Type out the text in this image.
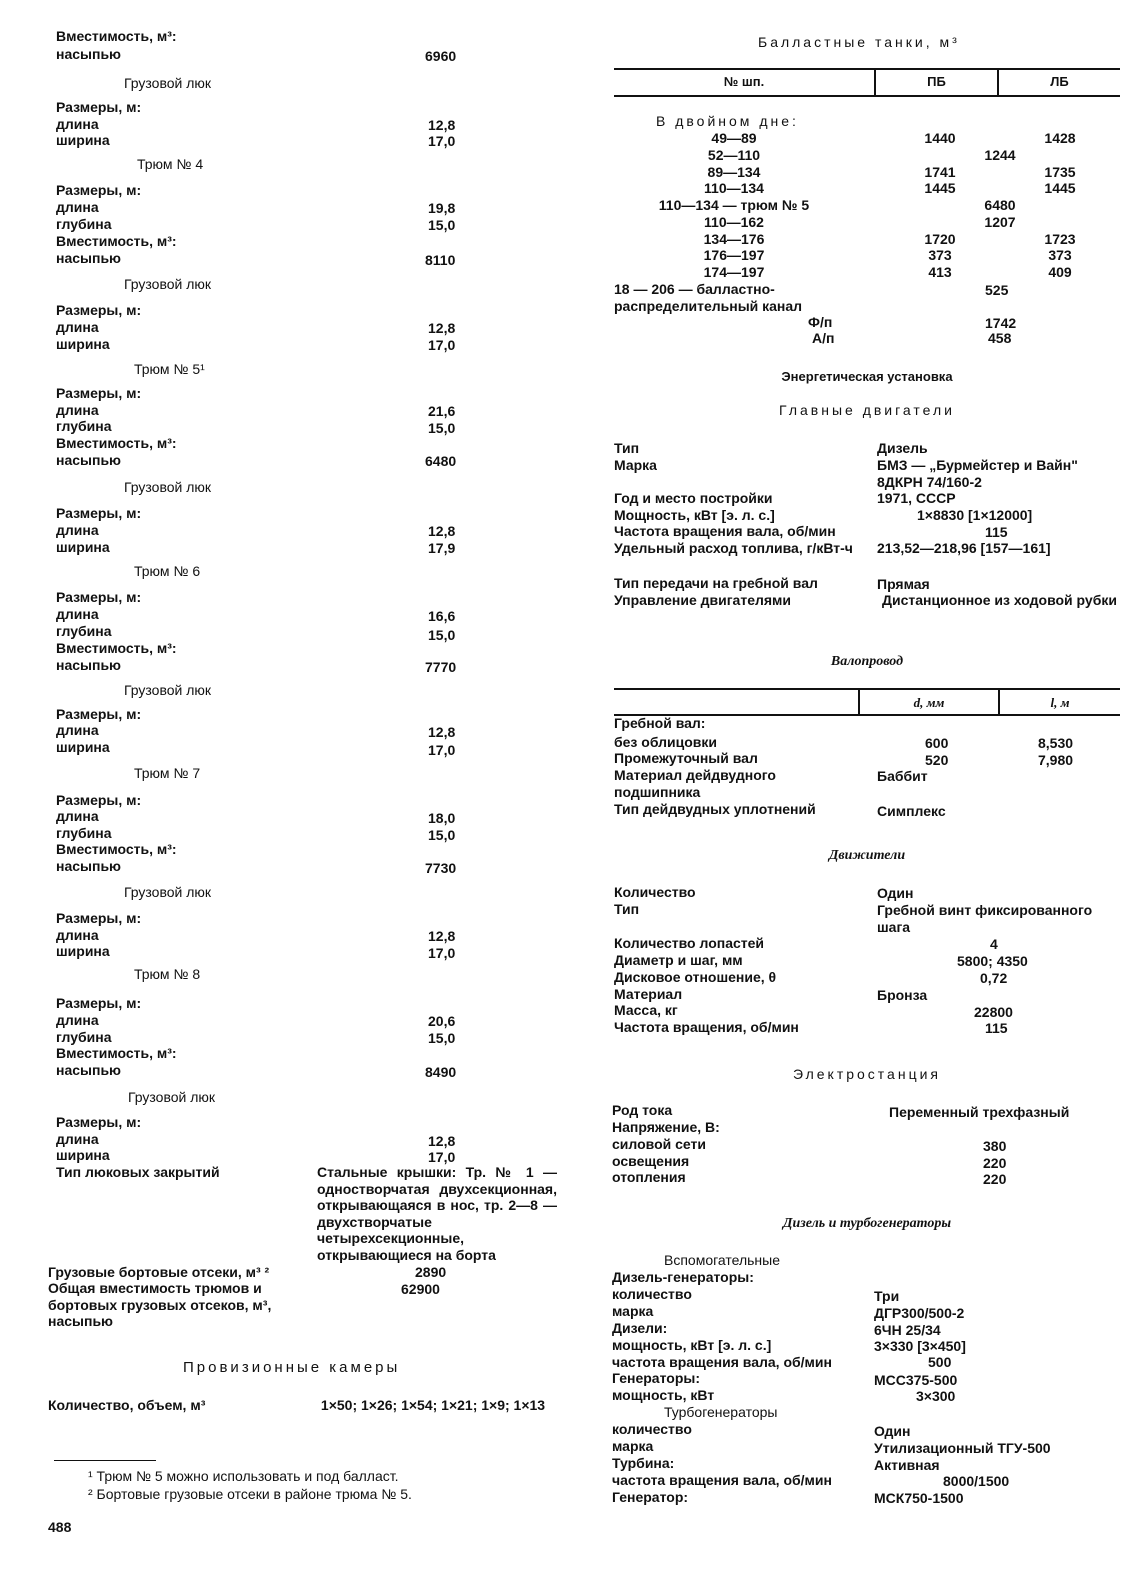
Вместимость, м³:
насыпью	6960
Грузовой люк
Размеры, м:
длина	12,8
ширина	17,0
Трюм № 4
Размеры, м:
длина	19,8
глубина	15,0
Вместимость, м³:
насыпью	8110
Грузовой люк
Размеры, м:
длина	12,8
ширина	17,0
Трюм № 5¹
Размеры, м:
длина	21,6
глубина	15,0
Вместимость, м³:
насыпью	6480
Грузовой люк
Размеры, м:
длина	12,8
ширина	17,9
Трюм № 6
Размеры, м:
длина	16,6
глубина	15,0
Вместимость, м³:
насыпью	7770
Грузовой люк
Размеры, м:
длина	12,8
ширина	17,0
Трюм № 7
Размеры, м:
длина	18,0
глубина	15,0
Вместимость, м³:
насыпью	7730
Грузовой люк
Размеры, м:
длина	12,8
ширина	17,0
Трюм № 8
Размеры, м:
длина	20,6
глубина	15,0
Вместимость, м³:
насыпью	8490
Грузовой люк
Размеры, м:
длина	12,8
ширина	17,0
Тип люковых закрытий	Стальные крышки: Тр. № 1 — одностворчатая двухсекционная, открывающаяся в нос, тр. 2—8 — двухстворчатые четырехсекционные, открывающиеся на борта
Грузовые бортовые отсеки, м³ ²	2890
Общая вместимость трюмов и бортовых грузовых отсеков, м³, насыпью
62900
Провизионные камеры
Количество, объем, м³	1×50; 1×26; 1×54; 1×21; 1×9; 1×13
¹ Трюм № 5 можно использовать и под балласт.
² Бортовые грузовые отсеки в районе трюма № 5.
488
Балластные танки, м³
№ шп.	ПБ	ЛБ
В двойном дне:
49—89	1440	1428
52—110	1244
89—134	1741	1735
110—134	1445	1445
110—134 — трюм № 5	6480
110—162	1207
134—176	1720	1723
176—197	373	373
174—197	413	409
18 — 206 — балластно-распределительный канал
525
Ф/п	1742
А/п	458
Энергетическая установка
Главные двигатели
Тип	Дизель
Марка	БМЗ — „Бурмейстер и Вайн" 8ДКРН 74/160-2
Год и место постройки	1971, СССР
Мощность, кВт [э. л. с.]	1×8830 [1×12000]
Частота вращения вала, об/мин	115
Удельный расход топлива, г/кВт-ч 213,52—218,96 [157—161]
Тип передачи на гребной вал	Прямая
Управление двигателями	Дистанционное из ходовой рубки
Валопровод
d, мм	l, м
Гребной вал:
без облицовки	600	8,530
Промежуточный вал	520	7,980
Материал дейдвудного подшипника
Баббит
Тип дейдвудных уплотнений	Симплекс
Движители
Количество	Один
Тип	Гребной винт фиксированного шага
Количество лопастей	4
Диаметр и шаг, мм	5800; 4350
Дисковое отношение, θ	0,72
Материал	Бронза
Масса, кг	22800
Частота вращения, об/мин	115
Электростанция
Род тока	Переменный трехфазный
Напряжение, В:
силовой сети	380
освещения	220
отопления	220
Дизель и турбогенераторы
Вспомогательные
Дизель-генераторы:
количество	Три
марка	ДГР300/500-2
Дизели:	6ЧН 25/34
мощность, кВт [э. л. с.]	3×330 [3×450]
частота вращения вала, об/мин	500
Генераторы:	МСС375-500
мощность, кВт	3×300
Турбогенераторы
количество	Один
марка	Утилизационный ТГУ-500
Турбина:	Активная
частота вращения вала, об/мин	8000/1500
Генератор:	МСК750-1500
